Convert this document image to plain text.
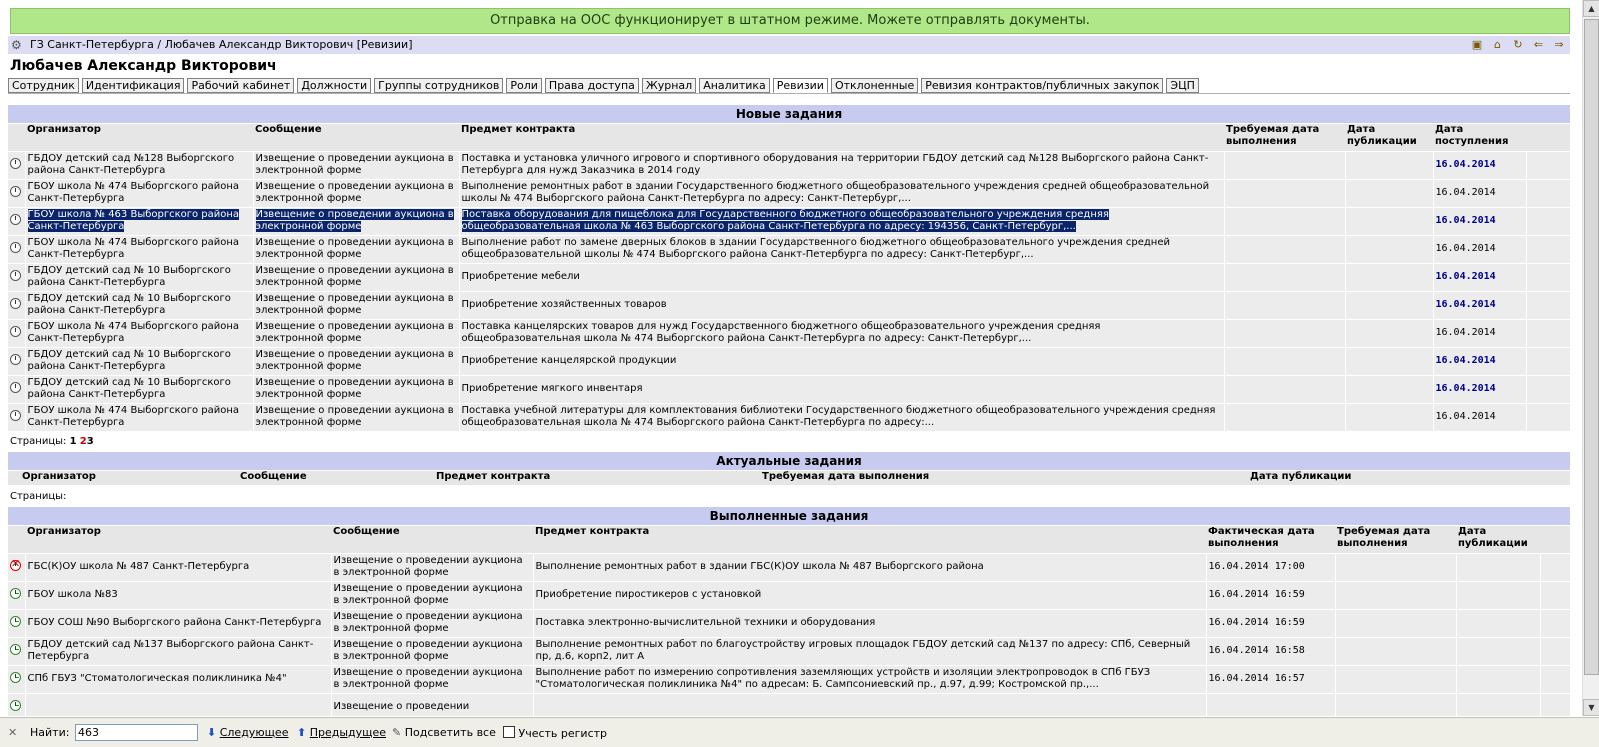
Отправка на ООС функционирует в штатном режиме. Можете отправлять документы.
⚙ ГЗ Санкт-Петербурга / Любачев Александр Викторович [Ревизии]	▣ ⌂ ↻ ⇐ ⇒
Любачев Александр Викторович
Сотрудник Идентификация Рабочий кабинет Должности Группы сотрудников Роли Права доступа Журнал Аналитика Ревизии Отклоненные Ревизия контрактов/публичных закупок ЭЦП
Новые задания
	Организатор	Сообщение	Предмет контракта	Требуемая дата выполнения	Дата публикации	Дата поступления	
	ГБДОУ детский сад №128 Выборгского района Санкт-Петербурга	Извещение о проведении аукциона в электронной форме	Поставка и установка уличного игрового и спортивного оборудования на территории ГБДОУ детский сад №128 Выборгского района Санкт-Петербурга для нужд Заказчика в 2014 году			16.04.2014	
	ГБОУ школа № 474 Выборгского района Санкт-Петербурга	Извещение о проведении аукциона в электронной форме	Выполнение ремонтных работ в здании Государственного бюджетного общеобразовательного учреждения средней общеобразовательной школы № 474 Выборгского района Санкт-Петербурга по адресу: Санкт-Петербург,...			16.04.2014	
	ГБОУ школа № 463 Выборгского района Санкт-Петербурга	Извещение о проведении аукциона в электронной форме	Поставка оборудования для пищеблока для Государственного бюджетного общеобразовательного учреждения средняя общеобразовательная школа № 463 Выборгского района Санкт-Петербурга по адресу: 194356, Санкт-Петербург,...			16.04.2014	
	ГБОУ школа № 474 Выборгского района Санкт-Петербурга	Извещение о проведении аукциона в электронной форме	Выполнение работ по замене дверных блоков в здании Государственного бюджетного общеобразовательного учреждения средней общеобразовательной школы № 474 Выборгского района Санкт-Петербурга по адресу: Санкт-Петербург,...			16.04.2014	
	ГБДОУ детский сад № 10 Выборгского района Санкт-Петербурга	Извещение о проведении аукциона в электронной форме	Приобретение мебели			16.04.2014	
	ГБДОУ детский сад № 10 Выборгского района Санкт-Петербурга	Извещение о проведении аукциона в электронной форме	Приобретение хозяйственных товаров			16.04.2014	
	ГБОУ школа № 474 Выборгского района Санкт-Петербурга	Извещение о проведении аукциона в электронной форме	Поставка канцелярских товаров для нужд Государственного бюджетного общеобразовательного учреждения средняя общеобразовательная школа № 474 Выборгского района Санкт-Петербурга по адресу: Санкт-Петербург,...			16.04.2014	
	ГБДОУ детский сад № 10 Выборгского района Санкт-Петербурга	Извещение о проведении аукциона в электронной форме	Приобретение канцелярской продукции			16.04.2014	
	ГБДОУ детский сад № 10 Выборгского района Санкт-Петербурга	Извещение о проведении аукциона в электронной форме	Приобретение мягкого инвентаря			16.04.2014	
	ГБОУ школа № 474 Выборгского района Санкт-Петербурга	Извещение о проведении аукциона в электронной форме	Поставка учебной литературы для комплектования библиотеки Государственного бюджетного общеобразовательного учреждения средняя общеобразовательная школа № 474 Выборгского района Санкт-Петербурга по адресу:...			16.04.2014	
Страницы: 1 23
Актуальные задания
Организатор	Сообщение	Предмет контракта	Требуемая дата выполнения	Дата публикации
Страницы:
Выполненные задания
	Организатор	Сообщение	Предмет контракта	Фактическая дата выполнения	Требуемая дата выполнения	Дата публикации	
✕	ГБС(К)ОУ школа № 487 Санкт-Петербурга	Извещение о проведении аукциона в электронной форме	Выполнение ремонтных работ в здании ГБС(К)ОУ школа № 487 Выборгского района	16.04.2014 17:00			
	ГБОУ школа №83	Извещение о проведении аукциона в электронной форме	Приобретение пиростикеров с установкой	16.04.2014 16:59			
	ГБОУ СОШ №90 Выборгского района Санкт-Петербурга	Извещение о проведении аукциона в электронной форме	Поставка электронно-вычислительной техники и оборудования	16.04.2014 16:59			
	ГБДОУ детский сад №137 Выборгского района Санкт-Петербурга	Извещение о проведении аукциона в электронной форме	Выполнение ремонтных работ по благоустройству игровых площадок ГБДОУ детский сад №137 по адресу: СПб, Северный пр, д.6, корп2, лит А	16.04.2014 16:58			
	СПб ГБУЗ "Стоматологическая поликлиника №4"	Извещение о проведении аукциона в электронной форме	Выполнение работ по измерению сопротивления заземляющих устройств и изоляции электропроводок в СПб ГБУЗ "Стоматологическая поликлиника №4" по адресам: Б. Сампсониевский пр., д.97, д.99; Костромской пр.,...	16.04.2014 16:57			
		Извещение о проведении					
▲
▼
✕ Найти:
463	⬇ Следующее ⬆ Предыдущее ✎ Подсветить все	Учесть регистр
